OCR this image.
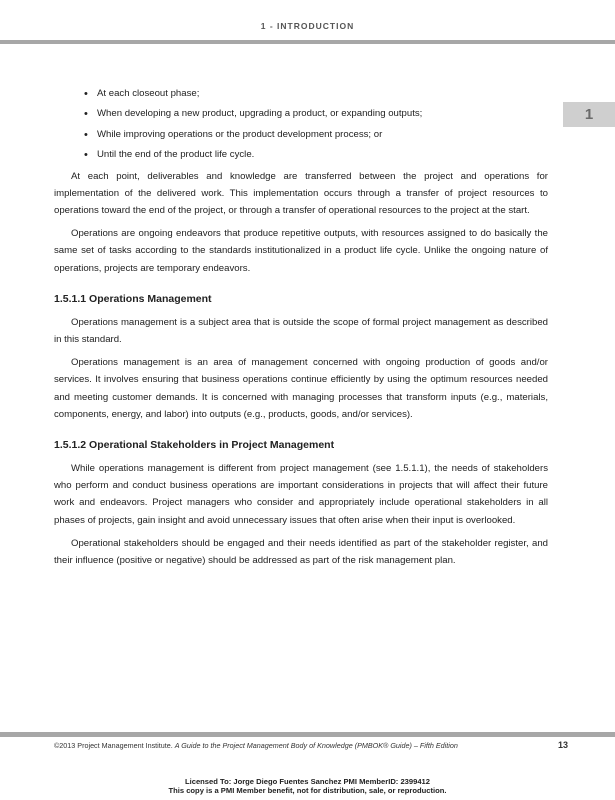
1 - INTRODUCTION
1
• At each closeout phase;
• When developing a new product, upgrading a product, or expanding outputs;
• While improving operations or the product development process; or
• Until the end of the product life cycle.

At each point, deliverables and knowledge are transferred between the project and operations for implementation of the delivered work. This implementation occurs through a transfer of project resources to operations toward the end of the project, or through a transfer of operational resources to the project at the start.

Operations are ongoing endeavors that produce repetitive outputs, with resources assigned to do basically the same set of tasks according to the standards institutionalized in a product life cycle. Unlike the ongoing nature of operations, projects are temporary endeavors.

1.5.1.1 Operations Management

Operations management is a subject area that is outside the scope of formal project management as described in this standard.

Operations management is an area of management concerned with ongoing production of goods and/or services. It involves ensuring that business operations continue efficiently by using the optimum resources needed and meeting customer demands. It is concerned with managing processes that transform inputs (e.g., materials, components, energy, and labor) into outputs (e.g., products, goods, and/or services).

1.5.1.2 Operational Stakeholders in Project Management

While operations management is different from project management (see 1.5.1.1), the needs of stakeholders who perform and conduct business operations are important considerations in projects that will affect their future work and endeavors. Project managers who consider and appropriately include operational stakeholders in all phases of projects, gain insight and avoid unnecessary issues that often arise when their input is overlooked.

Operational stakeholders should be engaged and their needs identified as part of the stakeholder register, and their influence (positive or negative) should be addressed as part of the risk management plan.

©2013 Project Management Institute. A Guide to the Project Management Body of Knowledge (PMBOK® Guide) – Fifth Edition	13
Licensed To: Jorge Diego Fuentes Sanchez PMI MemberID: 2399412
This copy is a PMI Member benefit, not for distribution, sale, or reproduction.
